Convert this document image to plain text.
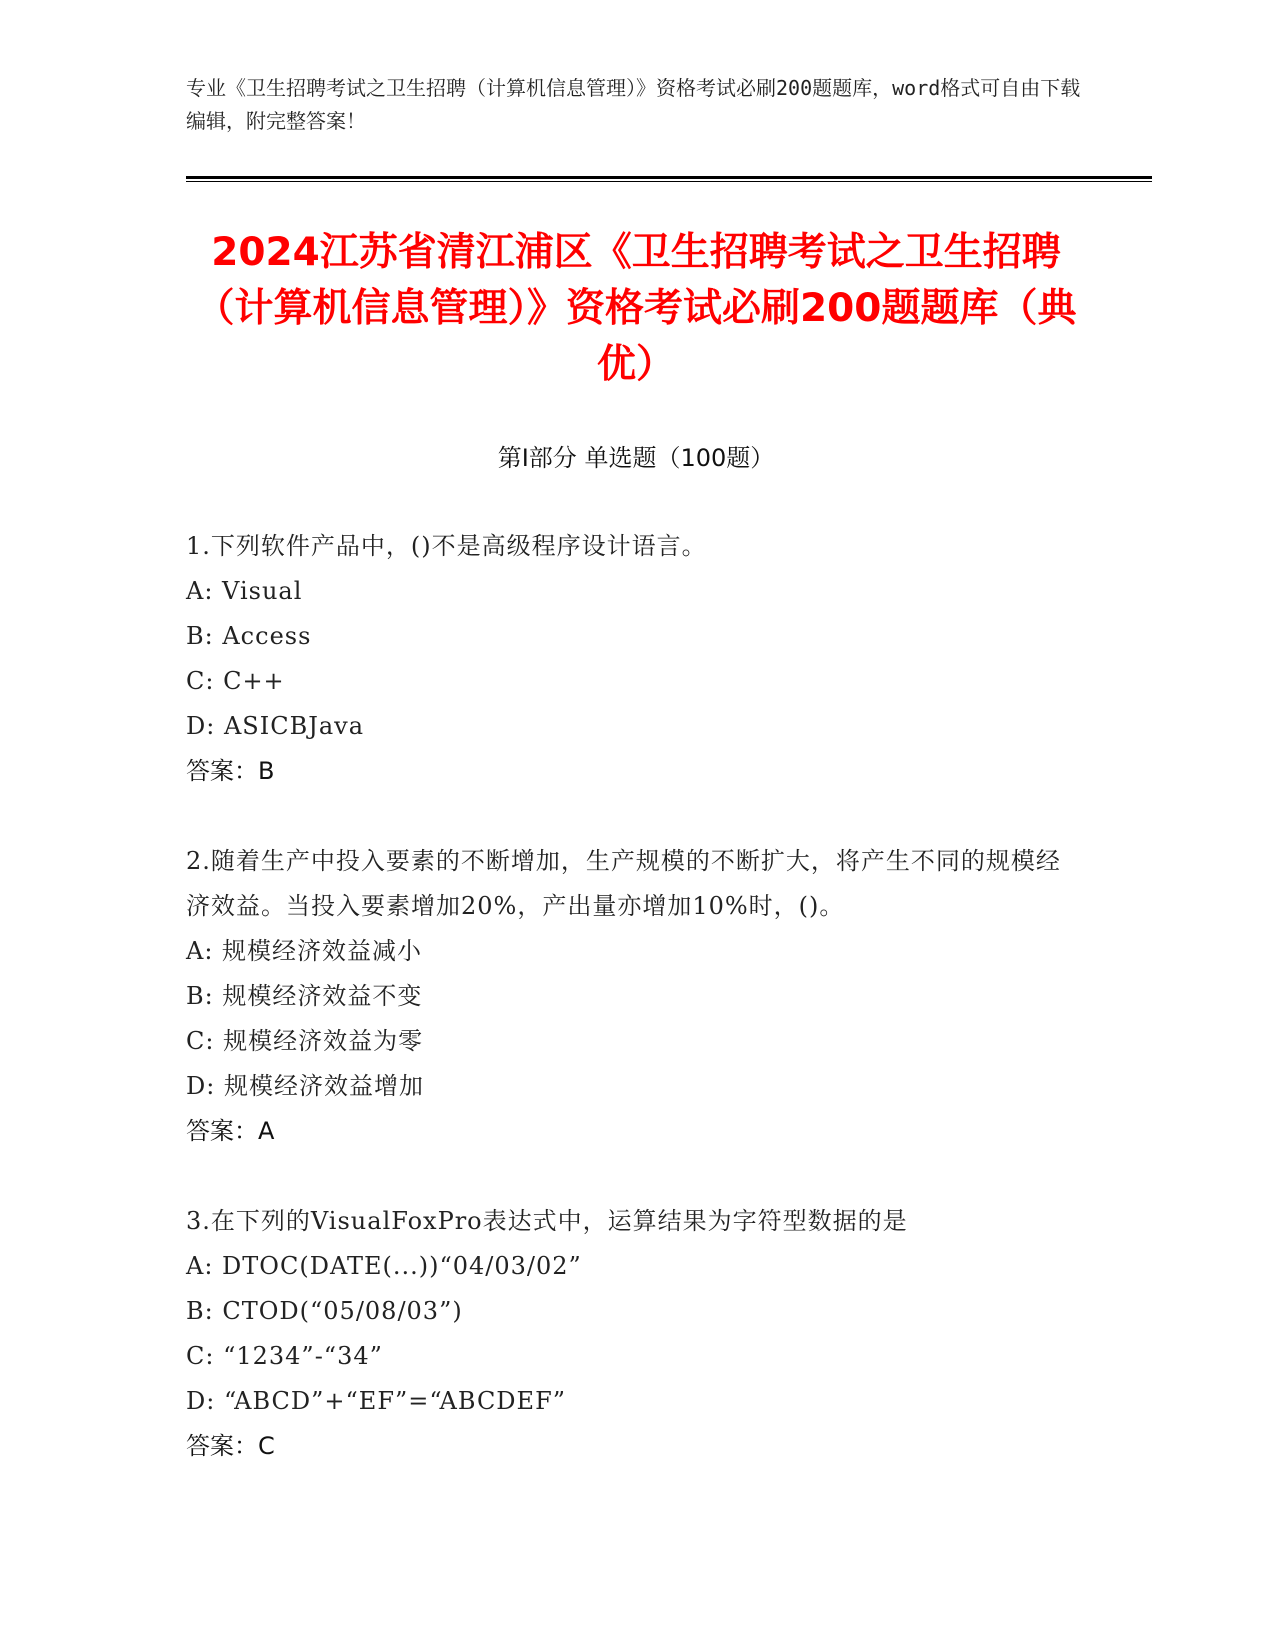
专业《卫生招聘考试之卫生招聘（计算机信息管理）》资格考试必刷200题题库，word格式可自由下载编辑，附完整答案！
2024江苏省清江浦区《卫生招聘考试之卫生招聘（计算机信息管理）》资格考试必刷200题题库（典优）
第I部分 单选题（100题）
1.下列软件产品中，()不是高级程序设计语言。
A: Visual
B: Access
C: C++
D: ASICBJava
答案：B
2.随着生产中投入要素的不断增加，生产规模的不断扩大，将产生不同的规模经济效益。当投入要素增加20%，产出量亦增加10%时，()。
A: 规模经济效益减小
B: 规模经济效益不变
C: 规模经济效益为零
D: 规模经济效益增加
答案：A
3.在下列的VisualFoxPro表达式中，运算结果为字符型数据的是
A: DTOC(DATE(...))“04/03/02”
B: CTOD(“05/08/03”)
C: “1234”-“34”
D: “ABCD”+“EF”=“ABCDEF”
答案：C
